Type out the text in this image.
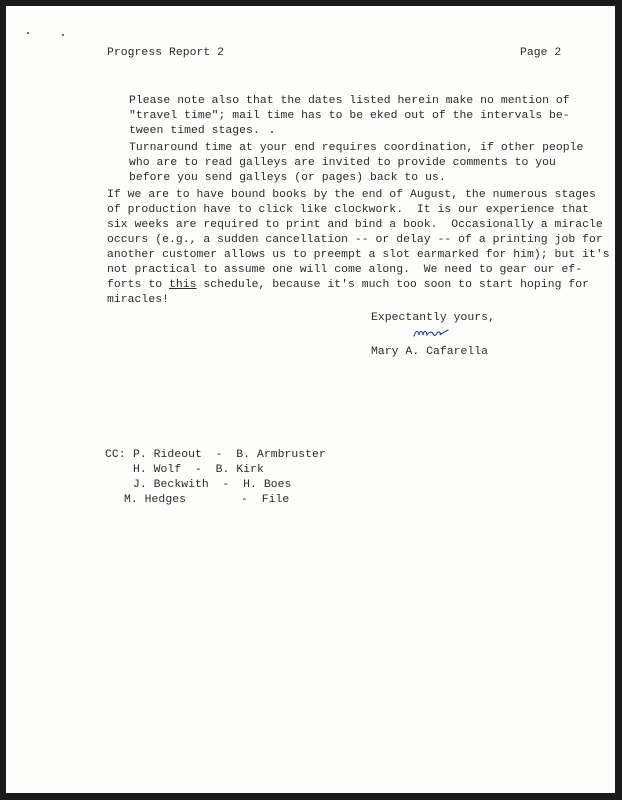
Progress Report 2	Page 2

Please note also that the dates listed herein make no mention of

"travel time"; mail time has to be eked out of the intervals be-

tween timed stages.

Turnaround time at your end requires coordination, if other people

who are to read galleys are invited to provide comments to you

before you send galleys (or pages) back to us.

If we are to have bound books by the end of August, the numerous stages

of production have to click like clockwork.  It is our experience that

six weeks are required to print and bind a book.  Occasionally a miracle

occurs (e.g., a sudden cancellation -- or delay -- of a printing job for

another customer allows us to preempt a slot earmarked for him); but it's

not practical to assume one will come along.  We need to gear our ef-

forts to this schedule, because it's much too soon to start hoping for

miracles!

Expectantly yours,

Mary A. Cafarella

CC: P. Rideout  -  B. Armbruster

H. Wolf  -  B. Kirk

J. Beckwith  -  H. Boes

M. Hedges        -  File
